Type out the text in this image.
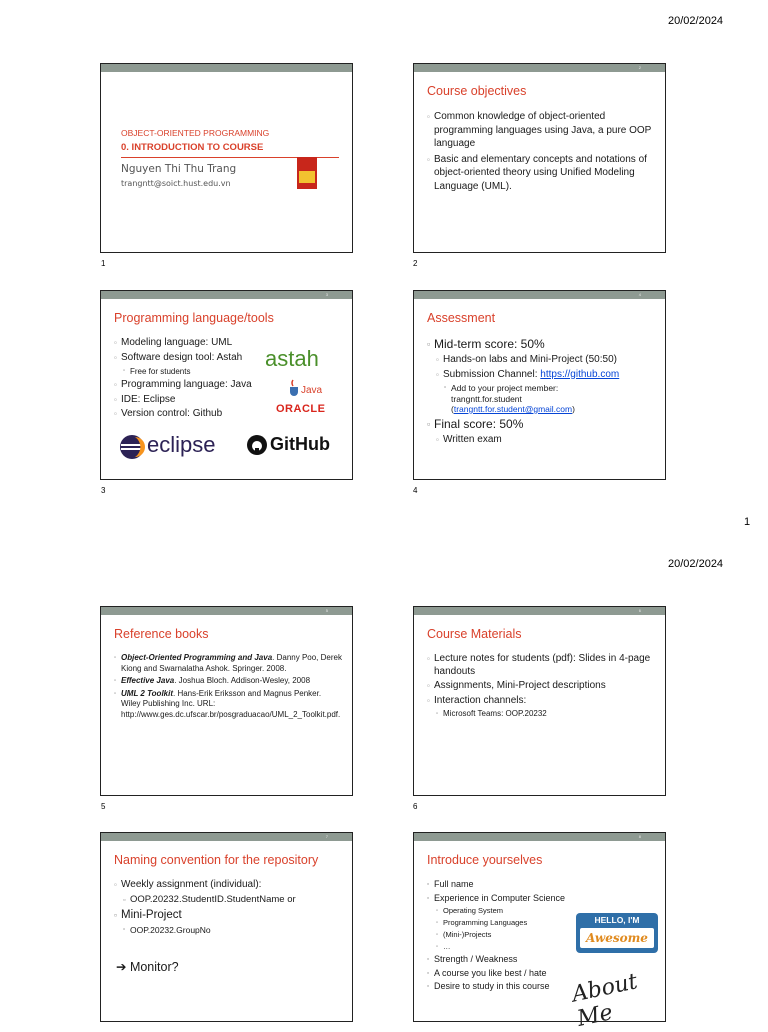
20/02/2024
OBJECT-ORIENTED PROGRAMMING
0. INTRODUCTION TO COURSE
Nguyen Thi Thu Trang
trangntt@soict.hust.edu.vn
1
2
Course objectives
▫ Common knowledge of object-oriented programming languages using Java, a pure OOP language
▫ Basic and elementary concepts and notations of object-oriented theory using Unified Modeling Language (UML).
2
3
Programming language/tools
▫ Modeling language: UML
▫ Software design tool: Astah
▫ Free for students
▫ Programming language: Java
▫ IDE: Eclipse
▫ Version control: Github
astah
Java
ORACLE
eclipse	GitHub
3
4
Assessment
▫ Mid-term score: 50%
▫ Hands-on labs and Mini-Project (50:50)
▫ Submission Channel: https://github.com
▫ Add to your project member:
trangntt.for.student
(trangntt.for.student@gmail.com)
▫ Final score: 50%
▫ Written exam
4
1
20/02/2024
5
Reference books
▫ Object-Oriented Programming and Java. Danny Poo, Derek Kiong and Swarnalatha Ashok. Springer. 2008.
▫ Effective Java. Joshua Bloch. Addison-Wesley, 2008
▫ UML 2 Toolkit. Hans-Erik Eriksson and Magnus Penker. Wiley Publishing Inc. URL: http://www.ges.dc.ufscar.br/posgraduacao/UML_2_Toolkit.pdf.
5
6
Course Materials
▫ Lecture notes for students (pdf): Slides in 4-page handouts
▫ Assignments, Mini-Project descriptions
▫ Interaction channels:
▫ Microsoft Teams: OOP.20232
6
7
Naming convention for the repository
▫ Weekly assignment (individual):
▫ OOP.20232.StudentID.StudentName or
▫ Mini-Project
▫ OOP.20232.GroupNo
➔ Monitor?
8
Introduce yourselves
▫ Full name
▫ Experience in Computer Science
▫ Operating System
▫ Programming Languages
▫ (Mini-)Projects
▫ …
▫ Strength / Weakness
▫ A course you like best / hate
▫ Desire to study in this course
HELLO, I'M
Awesome
About Me
